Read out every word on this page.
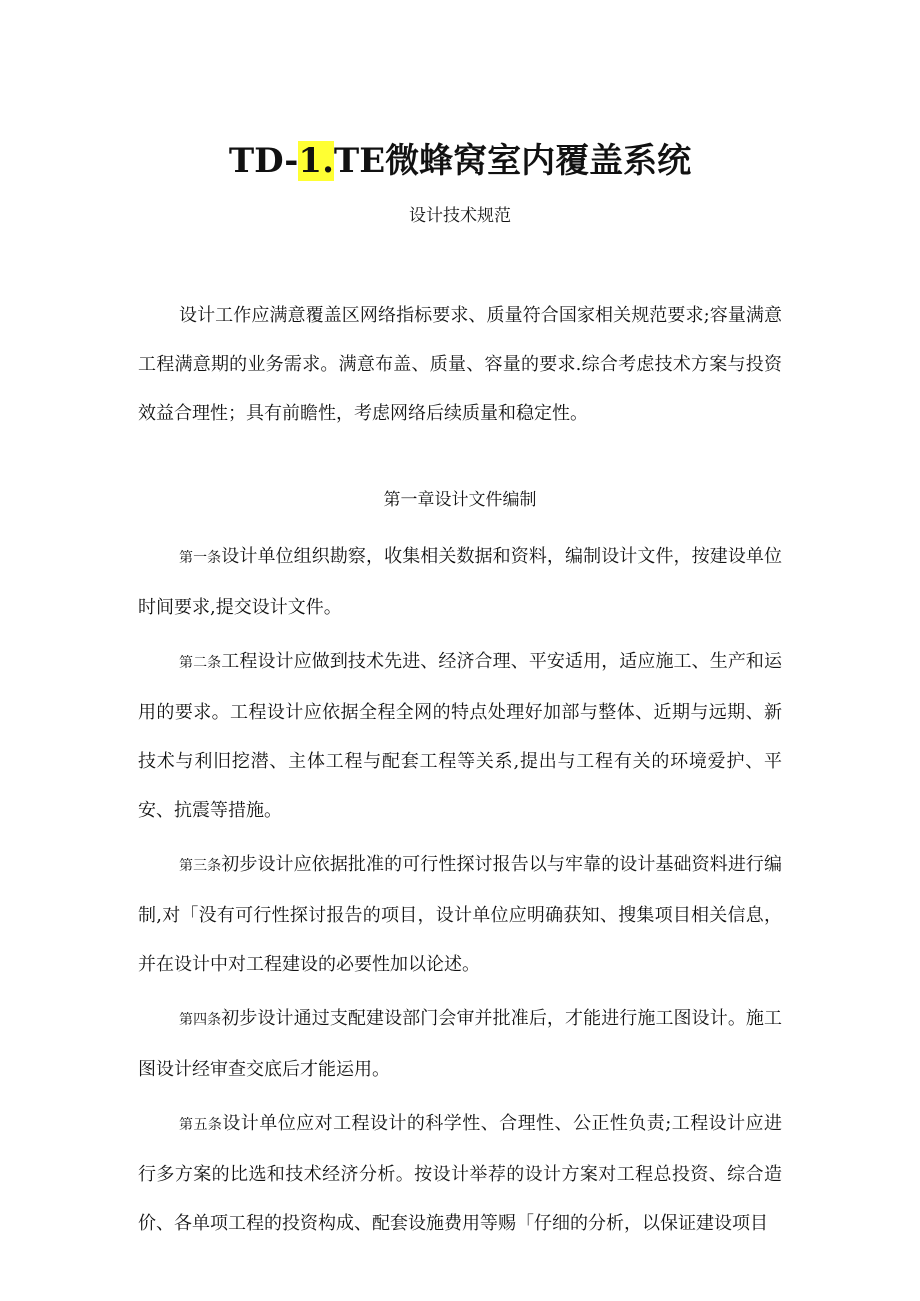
TD-1.TE微蜂窝室内覆盖系统
设计技术规范

设计工作应满意覆盖区网络指标要求、质量符合国家相关规范要求;容量满意工程满意期的业务需求。满意布盖、质量、容量的要求.综合考虑技术方案与投资效益合理性；具有前瞻性，考虑网络后续质量和稳定性。

第一章设计文件编制

第一条设计单位组织勘察，收集相关数据和资料，编制设计文件，按建设单位时间要求,提交设计文件。

第二条工程设计应做到技术先进、经济合理、平安适用，适应施工、生产和运用的要求。工程设计应依据全程全网的特点处理好加部与整体、近期与远期、新技术与利旧挖潜、主体工程与配套工程等关系,提出与工程有关的环境爱护、平安、抗震等措施。

第三条初步设计应依据批准的可行性探讨报告以与牢靠的设计基础资料进行编制,对「没有可行性探讨报告的项目，设计单位应明确获知、搜集项目相关信息，并在设计中对工程建设的必要性加以论述。

第四条初步设计通过支配建设部门会审并批准后，才能进行施工图设计。施工图设计经审查交底后才能运用。

第五条设计单位应对工程设计的科学性、合理性、公正性负责;工程设计应进行多方案的比选和技术经济分析。按设计举荐的设计方案对工程总投资、综合造价、各单项工程的投资构成、配套设施费用等赐「仔细的分析，以保证建设项目
